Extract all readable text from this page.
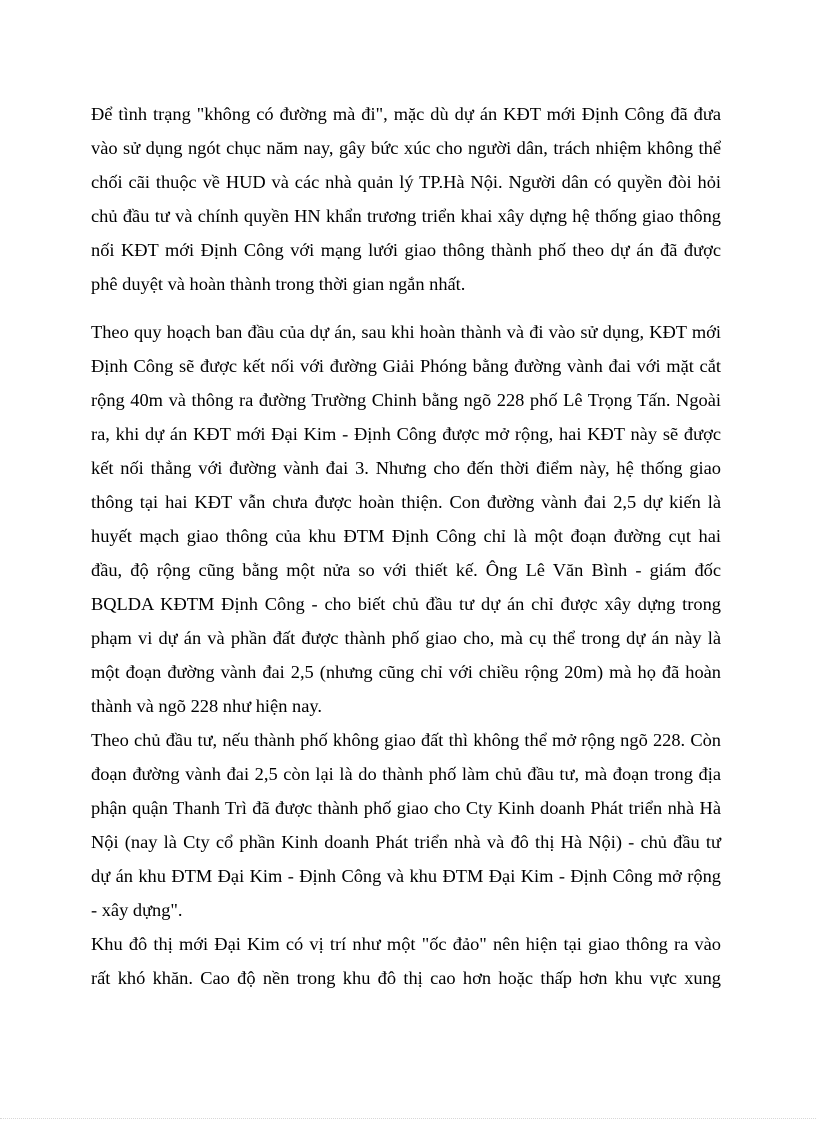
Để tình trạng "không có đường mà đi", mặc dù dự án KĐT mới Định Công đã đưa
vào sử dụng ngót chục năm nay, gây bức xúc cho người dân, trách nhiệm không thể
chối cãi thuộc về HUD và các nhà quản lý TP.Hà Nội. Người dân có quyền đòi hỏi
chủ đầu tư và chính quyền HN khẩn trương triển khai xây dựng hệ thống giao thông
nối KĐT mới Định Công với mạng lưới giao thông thành phố theo dự án đã được
phê duyệt và hoàn thành trong thời gian ngắn nhất.
Theo quy hoạch ban đầu của dự án, sau khi hoàn thành và đi vào sử dụng, KĐT mới
Định Công sẽ được kết nối với đường Giải Phóng bằng đường vành đai với mặt cắt
rộng 40m và thông ra đường Trường Chinh bằng ngõ 228 phố Lê Trọng Tấn. Ngoài
ra, khi dự án KĐT mới Đại Kim - Định Công được mở rộng, hai KĐT này sẽ được
kết nối thẳng với đường vành đai 3. Nhưng cho đến thời điểm này, hệ thống giao
thông tại hai KĐT vẫn chưa được hoàn thiện. Con đường vành đai 2,5 dự kiến là
huyết mạch giao thông của khu ĐTM Định Công chỉ là một đoạn đường cụt hai
đầu, độ rộng cũng bằng một nửa so với thiết kế. Ông Lê Văn Bình - giám đốc
BQLDA KĐTM Định Công - cho biết chủ đầu tư dự án chỉ được xây dựng trong
phạm vi dự án và phần đất được thành phố giao cho, mà cụ thể trong dự án này là
một đoạn đường vành đai 2,5 (nhưng cũng chỉ với chiều rộng 20m) mà họ đã hoàn
thành và ngõ 228 như hiện nay.
Theo chủ đầu tư, nếu thành phố không giao đất thì không thể mở rộng ngõ 228. Còn
đoạn đường vành đai 2,5 còn lại là do thành phố làm chủ đầu tư, mà đoạn trong địa
phận quận Thanh Trì đã được thành phố giao cho Cty Kinh doanh Phát triển nhà Hà
Nội (nay là Cty cổ phần Kinh doanh Phát triển nhà và đô thị Hà Nội) - chủ đầu tư
dự án khu ĐTM Đại Kim - Định Công và khu ĐTM Đại Kim - Định Công mở rộng
- xây dựng".
Khu đô thị mới Đại Kim có vị trí như một "ốc đảo" nên hiện tại giao thông ra vào
rất khó khăn. Cao độ nền trong khu đô thị cao hơn hoặc thấp hơn khu vực xung
